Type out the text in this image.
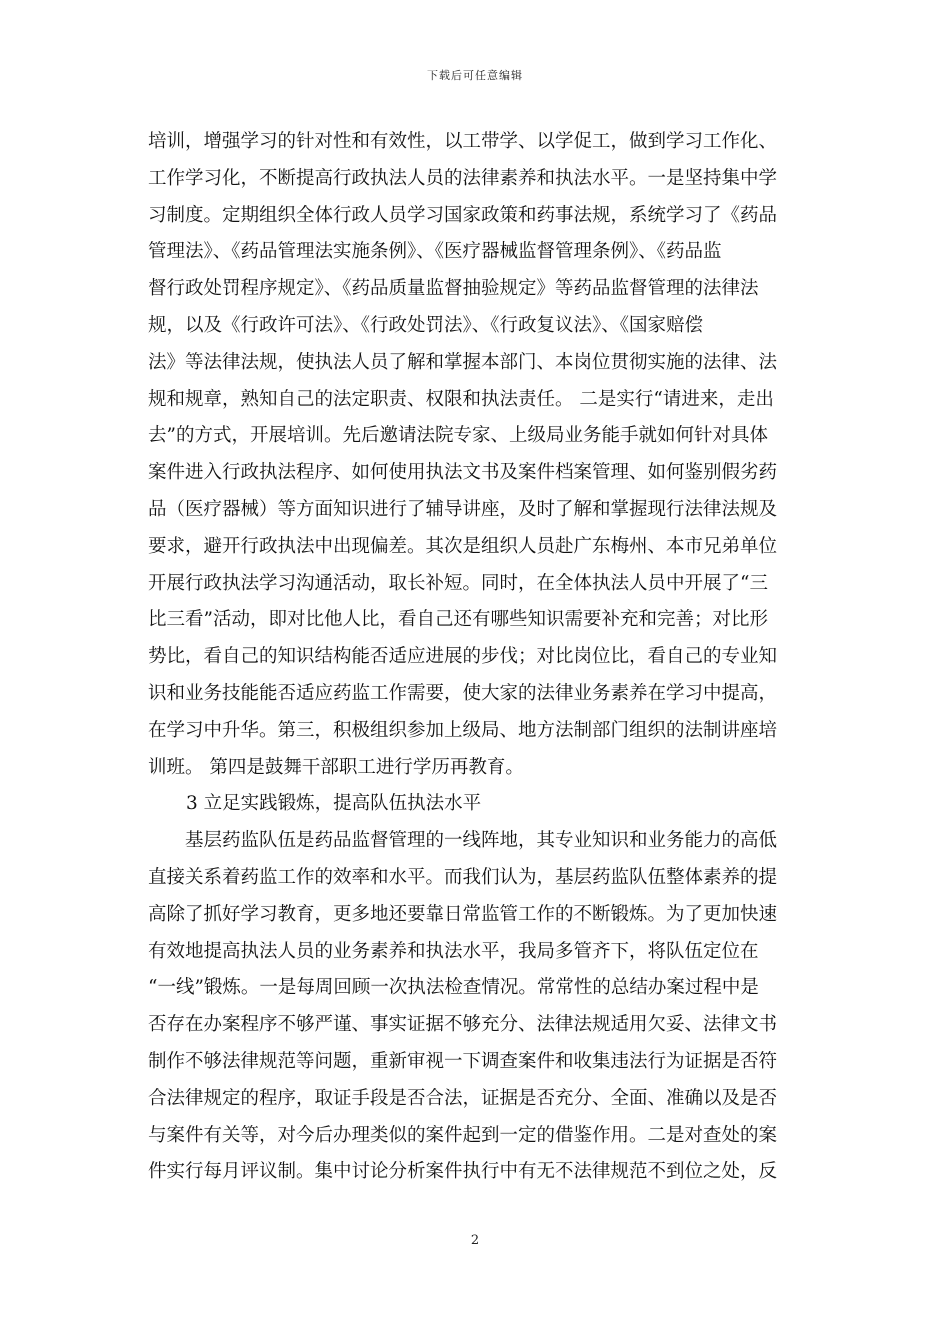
下载后可任意编辑
培训，增强学习的针对性和有效性，以工带学、以学促工，做到学习工作化、
工作学习化，不断提高行政执法人员的法律素养和执法水平。一是坚持集中学
习制度。定期组织全体行政人员学习国家政策和药事法规，系统学习了《药品
管理法》、《药品管理法实施条例》、《医疗器械监督管理条例》、《药品监
督行政处罚程序规定》、《药品质量监督抽验规定》等药品监督管理的法律法
规，以及《行政许可法》、《行政处罚法》、《行政复议法》、《国家赔偿
法》等法律法规，使执法人员了解和掌握本部门、本岗位贯彻实施的法律、法
规和规章，熟知自己的法定职责、权限和执法责任。 二是实行“请进来，走出
去”的方式，开展培训。先后邀请法院专家、上级局业务能手就如何针对具体
案件进入行政执法程序、如何使用执法文书及案件档案管理、如何鉴别假劣药
品（医疗器械）等方面知识进行了辅导讲座，及时了解和掌握现行法律法规及
要求，避开行政执法中出现偏差。其次是组织人员赴广东梅州、本市兄弟单位
开展行政执法学习沟通活动，取长补短。同时，在全体执法人员中开展了“三
比三看”活动，即对比他人比，看自己还有哪些知识需要补充和完善；对比形
势比，看自己的知识结构能否适应进展的步伐；对比岗位比，看自己的专业知
识和业务技能能否适应药监工作需要，使大家的法律业务素养在学习中提高，
在学习中升华。第三，积极组织参加上级局、地方法制部门组织的法制讲座培
训班。 第四是鼓舞干部职工进行学历再教育。
3 立足实践锻炼，提高队伍执法水平
基层药监队伍是药品监督管理的一线阵地，其专业知识和业务能力的高低
直接关系着药监工作的效率和水平。而我们认为，基层药监队伍整体素养的提
高除了抓好学习教育，更多地还要靠日常监管工作的不断锻炼。为了更加快速
有效地提高执法人员的业务素养和执法水平，我局多管齐下，将队伍定位在
“一线”锻炼。一是每周回顾一次执法检查情况。常常性的总结办案过程中是
否存在办案程序不够严谨、事实证据不够充分、法律法规适用欠妥、法律文书
制作不够法律规范等问题，重新审视一下调查案件和收集违法行为证据是否符
合法律规定的程序，取证手段是否合法，证据是否充分、全面、准确以及是否
与案件有关等，对今后办理类似的案件起到一定的借鉴作用。二是对查处的案
件实行每月评议制。集中讨论分析案件执行中有无不法律规范不到位之处，反
2
